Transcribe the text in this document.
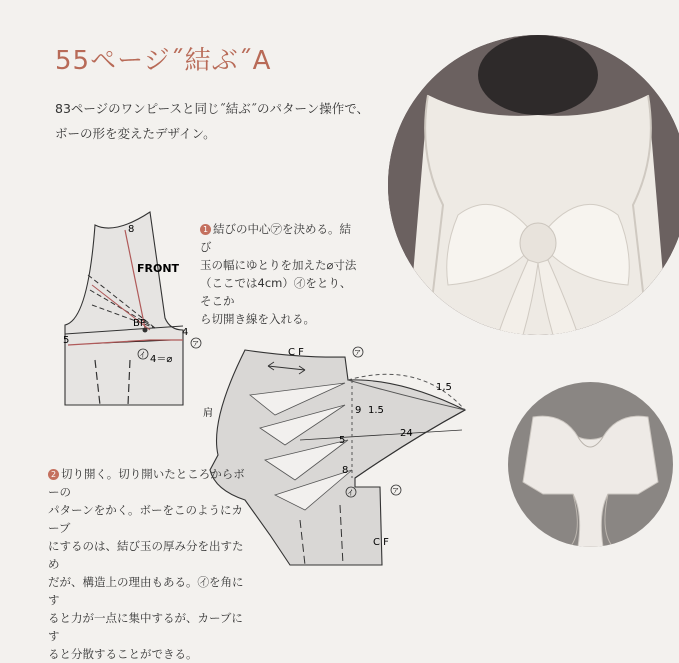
55ページ˝結ぶ˝A
83ページのワンピースと同じ˝結ぶ˝のパターン操作で、
ボーの形を変えたデザイン。
8
FRONT
BP
5
4
4＝⌀
ア
イ	C F
C F
肩	9 1.5
1,5
24
5
8
ア
イ	ア
1 結びの中心㋐を決める。結び
玉の幅にゆとりを加えた⌀寸法
（ここでは4cm）㋑をとり、そこか
ら切開き線を入れる。
2 切り開く。切り開いたところからボーの
パターンをかく。ボーをこのようにカーブ
にするのは、結び玉の厚み分を出すため
だが、構造上の理由もある。㋑を角にす
ると力が一点に集中するが、カーブにす
ると分散することができる。
